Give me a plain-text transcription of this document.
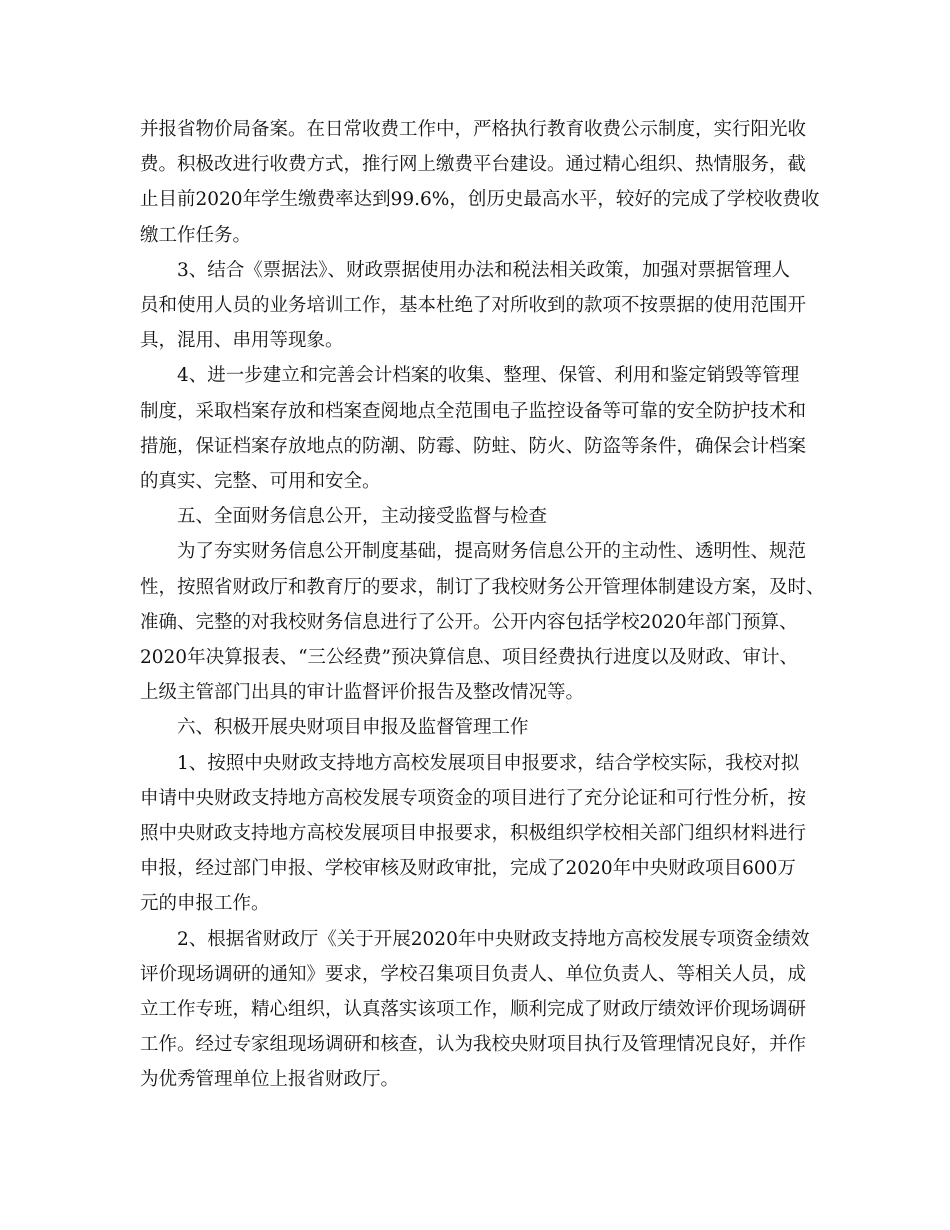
并报省物价局备案。在日常收费工作中，严格执行教育收费公示制度，实行阳光收
费。积极改进行收费方式，推行网上缴费平台建设。通过精心组织、热情服务，截
止目前2020年学生缴费率达到99.6%，创历史最高水平，较好的完成了学校收费收
缴工作任务。
3、结合《票据法》、财政票据使用办法和税法相关政策，加强对票据管理人
员和使用人员的业务培训工作，基本杜绝了对所收到的款项不按票据的使用范围开
具，混用、串用等现象。
4、进一步建立和完善会计档案的收集、整理、保管、利用和鉴定销毁等管理
制度，采取档案存放和档案查阅地点全范围电子监控设备等可靠的安全防护技术和
措施，保证档案存放地点的防潮、防霉、防蛀、防火、防盗等条件，确保会计档案
的真实、完整、可用和安全。
五、全面财务信息公开，主动接受监督与检查
为了夯实财务信息公开制度基础，提高财务信息公开的主动性、透明性、规范
性，按照省财政厅和教育厅的要求，制订了我校财务公开管理体制建设方案，及时、
准确、完整的对我校财务信息进行了公开。公开内容包括学校2020年部门预算、
2020年决算报表、“三公经费”预决算信息、项目经费执行进度以及财政、审计、
上级主管部门出具的审计监督评价报告及整改情况等。
六、积极开展央财项目申报及监督管理工作
1、按照中央财政支持地方高校发展项目申报要求，结合学校实际，我校对拟
申请中央财政支持地方高校发展专项资金的项目进行了充分论证和可行性分析，按
照中央财政支持地方高校发展项目申报要求，积极组织学校相关部门组织材料进行
申报，经过部门申报、学校审核及财政审批，完成了2020年中央财政项目600万
元的申报工作。
2、根据省财政厅《关于开展2020年中央财政支持地方高校发展专项资金绩效
评价现场调研的通知》要求，学校召集项目负责人、单位负责人、等相关人员，成
立工作专班，精心组织，认真落实该项工作，顺利完成了财政厅绩效评价现场调研
工作。经过专家组现场调研和核查，认为我校央财项目执行及管理情况良好，并作
为优秀管理单位上报省财政厅。
